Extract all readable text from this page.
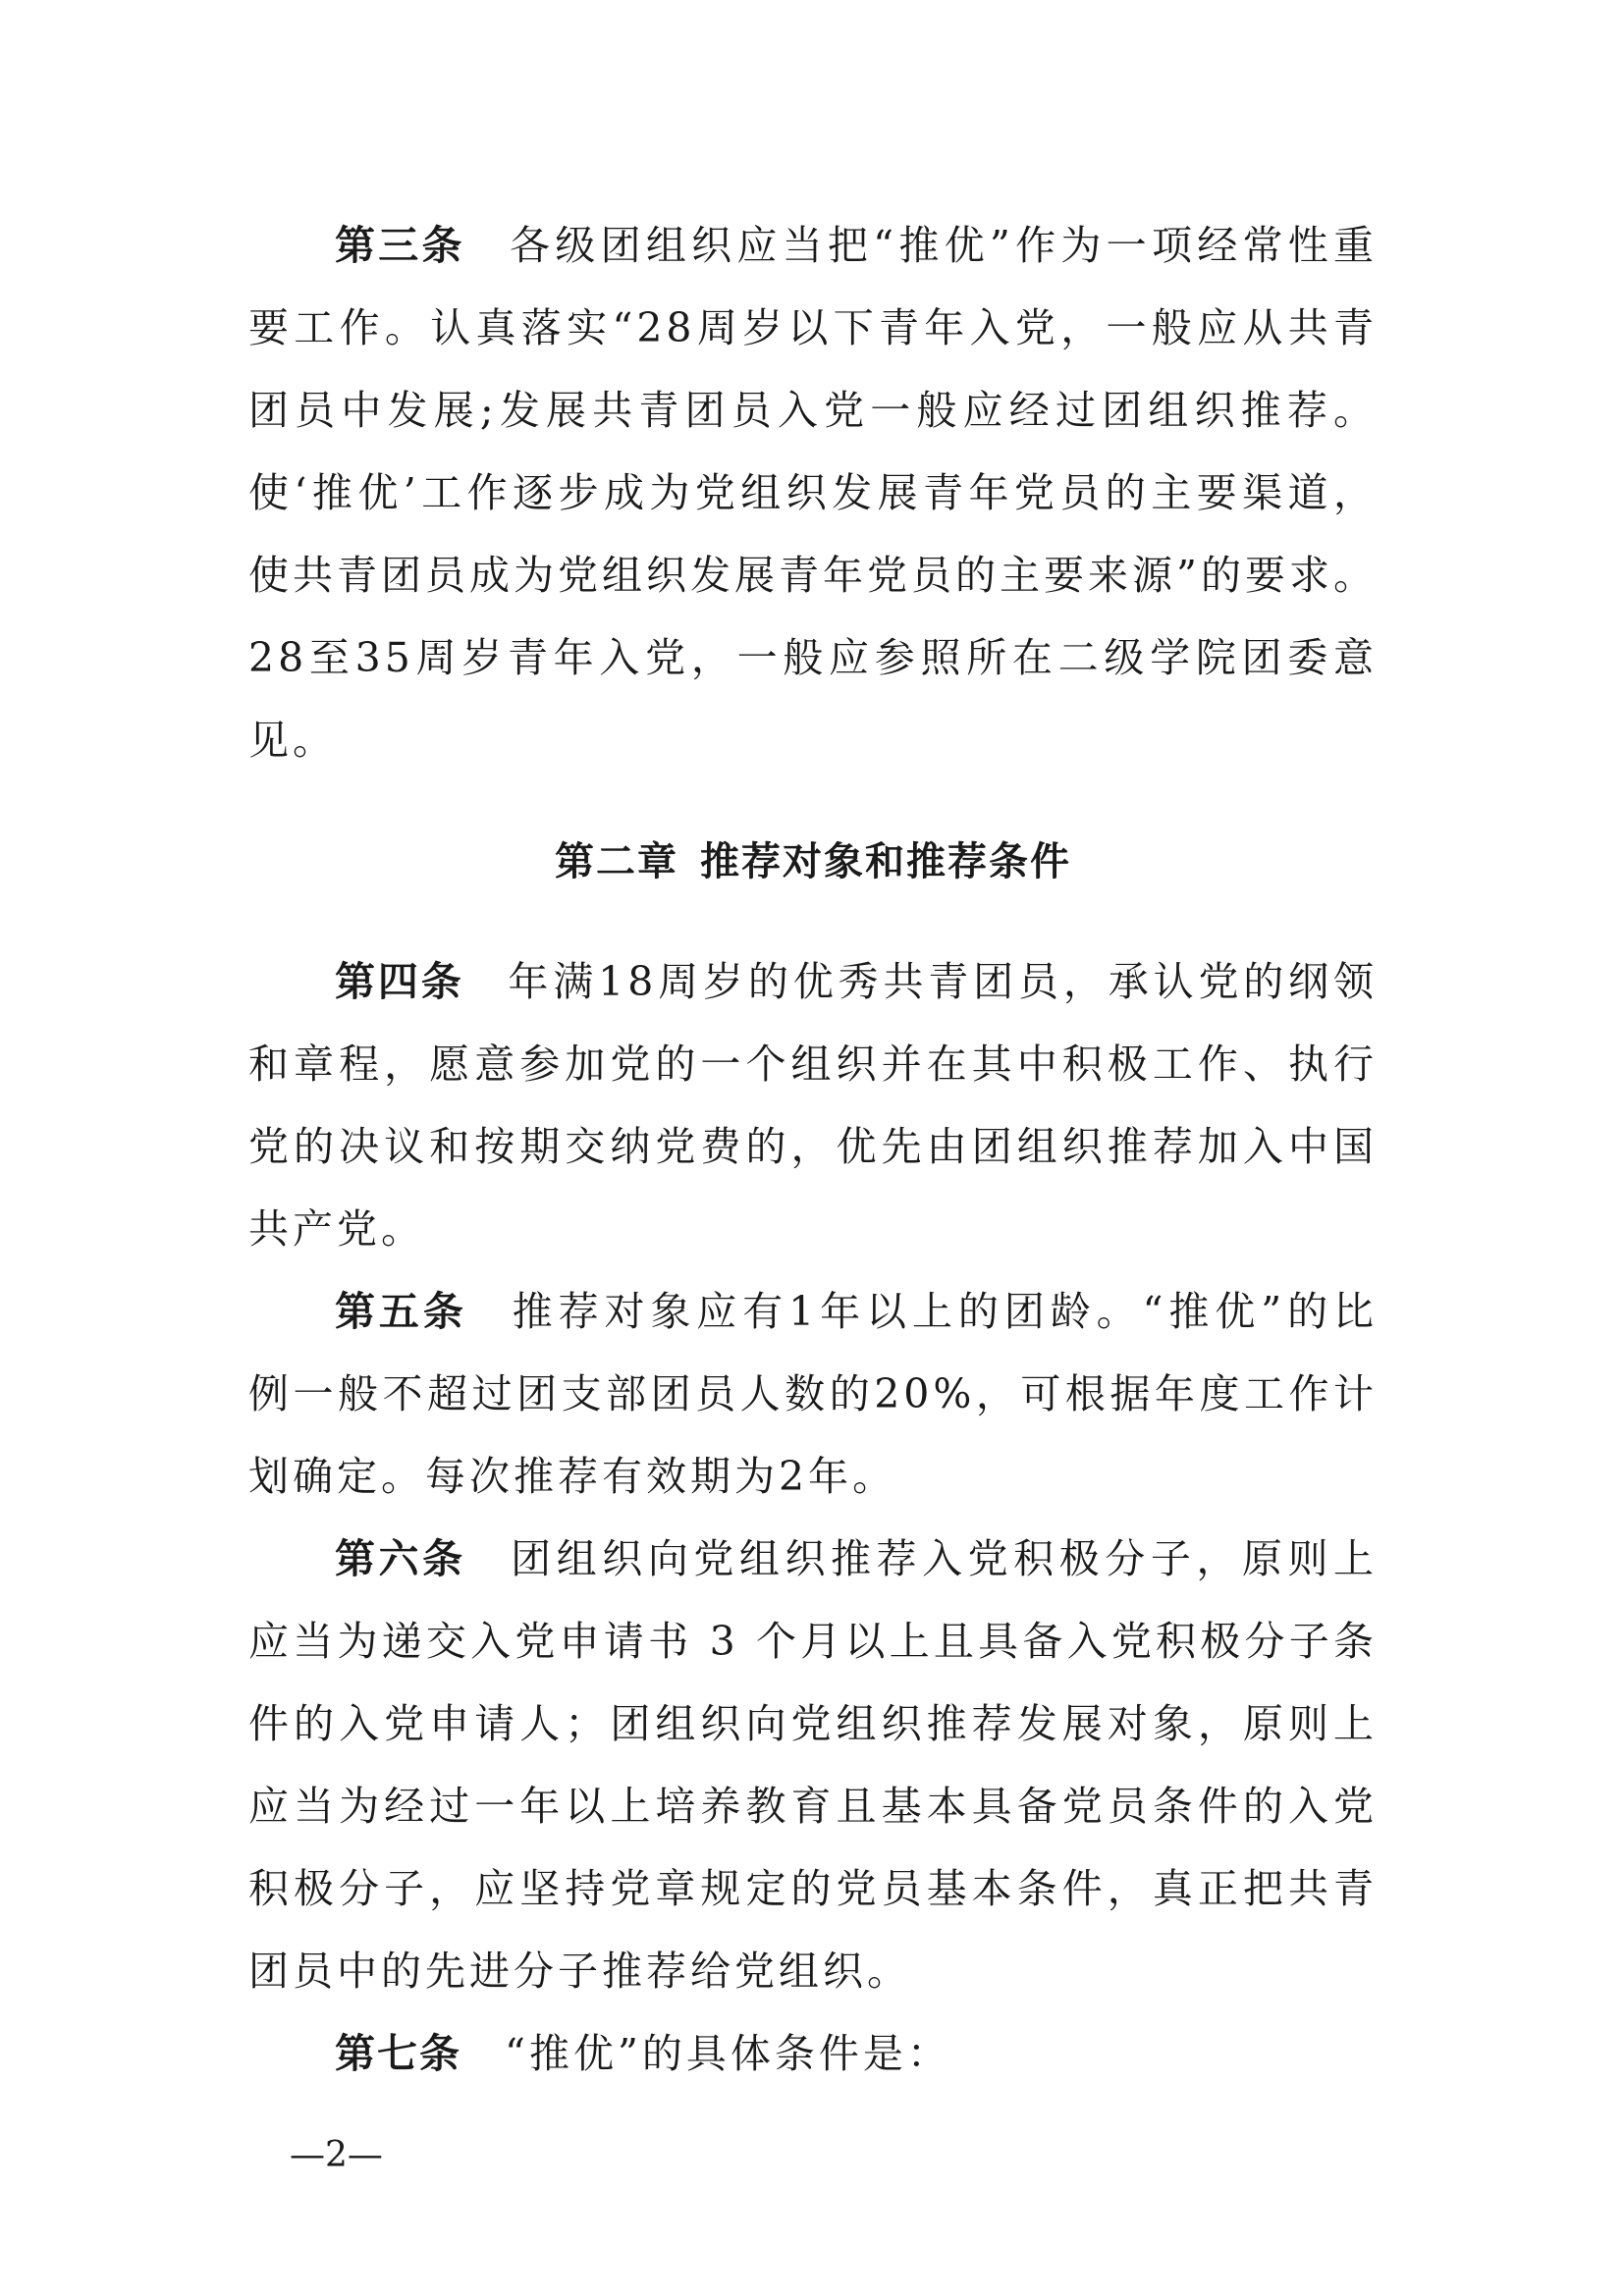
第三条 各级团组织应当把“推优”作为一项经常性重要工作。认真落实“28周岁以下青年入党，一般应从共青团员中发展;发展共青团员入党一般应经过团组织推荐。使‘推优’工作逐步成为党组织发展青年党员的主要渠道，使共青团员成为党组织发展青年党员的主要来源”的要求。28至35周岁青年入党，一般应参照所在二级学院团委意见。

第二章 推荐对象和推荐条件

第四条 年满18周岁的优秀共青团员，承认党的纲领和章程，愿意参加党的一个组织并在其中积极工作、执行党的决议和按期交纳党费的，优先由团组织推荐加入中国共产党。

第五条 推荐对象应有1年以上的团龄。“推优”的比例一般不超过团支部团员人数的20%，可根据年度工作计划确定。每次推荐有效期为2年。

第六条 团组织向党组织推荐入党积极分子，原则上应当为递交入党申请书 3 个月以上且具备入党积极分子条件的入党申请人；团组织向党组织推荐发展对象，原则上应当为经过一年以上培养教育且基本具备党员条件的入党积极分子，应坚持党章规定的党员基本条件，真正把共青团员中的先进分子推荐给党组织。

第七条 “推优”的具体条件是：

—2—
